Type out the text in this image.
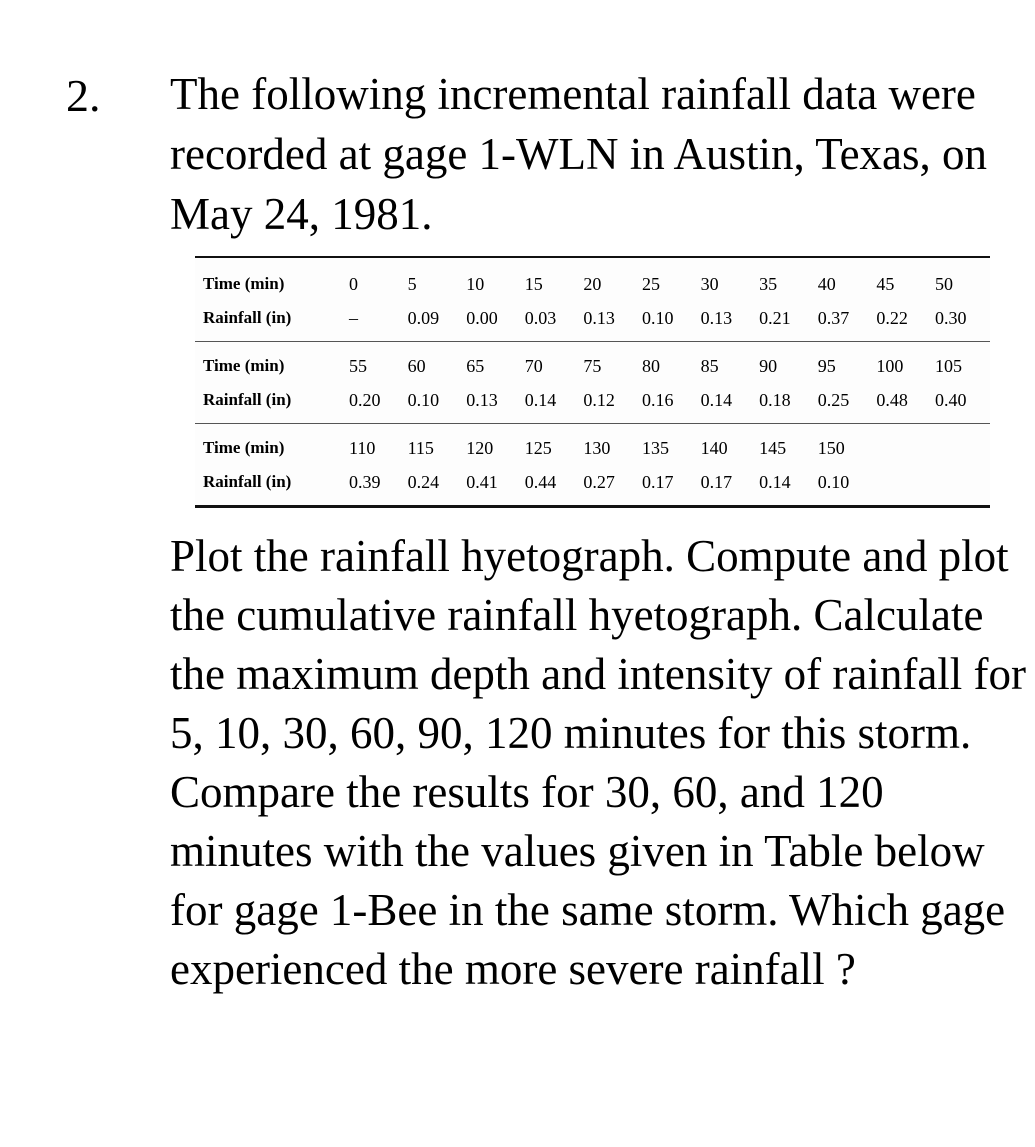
2. The following incremental rainfall data were recorded at gage 1-WLN in Austin, Texas, on May 24, 1981.

Time (min)	0	5	10	15	20	25	30	35	40	45	50
Rainfall (in)	–	0.09	0.00	0.03	0.13	0.10	0.13	0.21	0.37	0.22	0.30
Time (min)	55	60	65	70	75	80	85	90	95	100	105
Rainfall (in)	0.20	0.10	0.13	0.14	0.12	0.16	0.14	0.18	0.25	0.48	0.40
Time (min)	110	115	120	125	130	135	140	145	150
Rainfall (in)	0.39	0.24	0.41	0.44	0.27	0.17	0.17	0.14	0.10

Plot the rainfall hyetograph. Compute and plot the cumulative rainfall hyetograph. Calculate the maximum depth and intensity of rainfall for 5, 10, 30, 60, 90, 120 minutes for this storm. Compare the results for 30, 60, and 120 minutes with the values given in Table below for gage 1-Bee in the same storm. Which gage experienced the more severe rainfall ?
